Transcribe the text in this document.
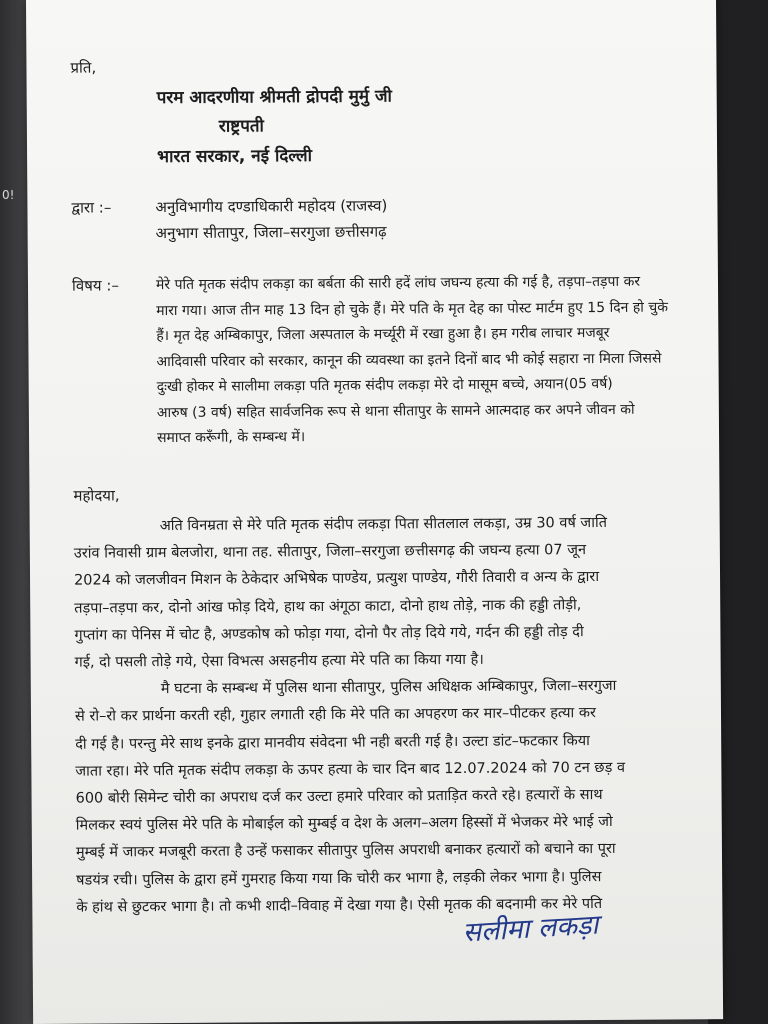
0!
प्रति,
परम आदरणीया श्रीमती द्रोपदी मुर्मु जी
राष्ट्रपती
भारत सरकार, नई दिल्ली
द्वारा :–	अनुविभागीय दण्डाधिकारी महोदय (राजस्व)
अनुभाग सीतापुर, जिला–सरगुजा छत्तीसगढ़
विषय :–	मेरे पति मृतक संदीप लकड़ा का बर्बता की सारी हदें लांघ जघन्य हत्या की गई है, तड़पा–तड़पा कर
मारा गया। आज तीन माह 13 दिन हो चुके हैं। मेरे पति के मृत देह का पोस्ट मार्टम हुए 15 दिन हो चुके
हैं। मृत देह अम्बिकापुर, जिला अस्पताल के मर्च्यूरी में रखा हुआ है। हम गरीब लाचार मजबूर
आदिवासी परिवार को सरकार, कानून की व्यवस्था का इतने दिनों बाद भी कोई सहारा ना मिला जिससे
दुःखी होकर मे सालीमा लकड़ा पति मृतक संदीप लकड़ा मेरे दो मासूम बच्चे, अयान(05 वर्ष)
आरुष (3 वर्ष) सहित सार्वजनिक रूप से थाना सीतापुर के सामने आत्मदाह कर अपने जीवन को
समाप्त करूँगी, के सम्बन्ध में।
महोदया,
अति विनम्रता से मेरे पति मृतक संदीप लकड़ा पिता सीतलाल लकड़ा, उम्र 30 वर्ष जाति
उरांव निवासी ग्राम बेलजोरा, थाना तह. सीतापुर, जिला–सरगुजा छत्तीसगढ़ की जघन्य हत्या 07 जून
2024 को जलजीवन मिशन के ठेकेदार अभिषेक पाण्डेय, प्रत्युश पाण्डेय, गौरी तिवारी व अन्य के द्वारा
तड़पा–तड़पा कर, दोनो आंख फोड़ दिये, हाथ का अंगूठा काटा, दोनो हाथ तोड़े, नाक की हड्डी तोड़ी,
गुप्तांग का पेनिस में चोट है, अण्डकोष को फोड़ा गया, दोनो पैर तोड़ दिये गये, गर्दन की हड्डी तोड़ दी
गई, दो पसली तोड़े गये, ऐसा विभत्स असहनीय हत्या मेरे पति का किया गया है।
मै घटना के सम्बन्ध में पुलिस थाना सीतापुर, पुलिस अधिक्षक अम्बिकापुर, जिला–सरगुजा
से रो–रो कर प्रार्थना करती रही, गुहार लगाती रही कि मेरे पति का अपहरण कर मार–पीटकर हत्या कर
दी गई है। परन्तु मेरे साथ इनके द्वारा मानवीय संवेदना भी नही बरती गई है। उल्टा डांट–फटकार किया
जाता रहा। मेरे पति मृतक संदीप लकड़ा के ऊपर हत्या के चार दिन बाद 12.07.2024 को 70 टन छड़ व
600 बोरी सिमेन्ट चोरी का अपराध दर्ज कर उल्टा हमारे परिवार को प्रताड़ित करते रहे। हत्यारों के साथ
मिलकर स्वयं पुलिस मेरे पति के मोबाईल को मुम्बई व देश के अलग–अलग हिस्सों में भेजकर मेरे भाई जो
मुम्बई में जाकर मजबूरी करता है उन्हें फसाकर सीतापुर पुलिस अपराधी बनाकर हत्यारों को बचाने का पूरा
षडयंत्र रची। पुलिस के द्वारा हमें गुमराह किया गया कि चोरी कर भागा है, लड़की लेकर भागा है। पुलिस
के हांथ से छुटकर भागा है। तो कभी शादी–विवाह में देखा गया है। ऐसी मृतक की बदनामी कर मेरे पति
सलीमा लकड़ा
